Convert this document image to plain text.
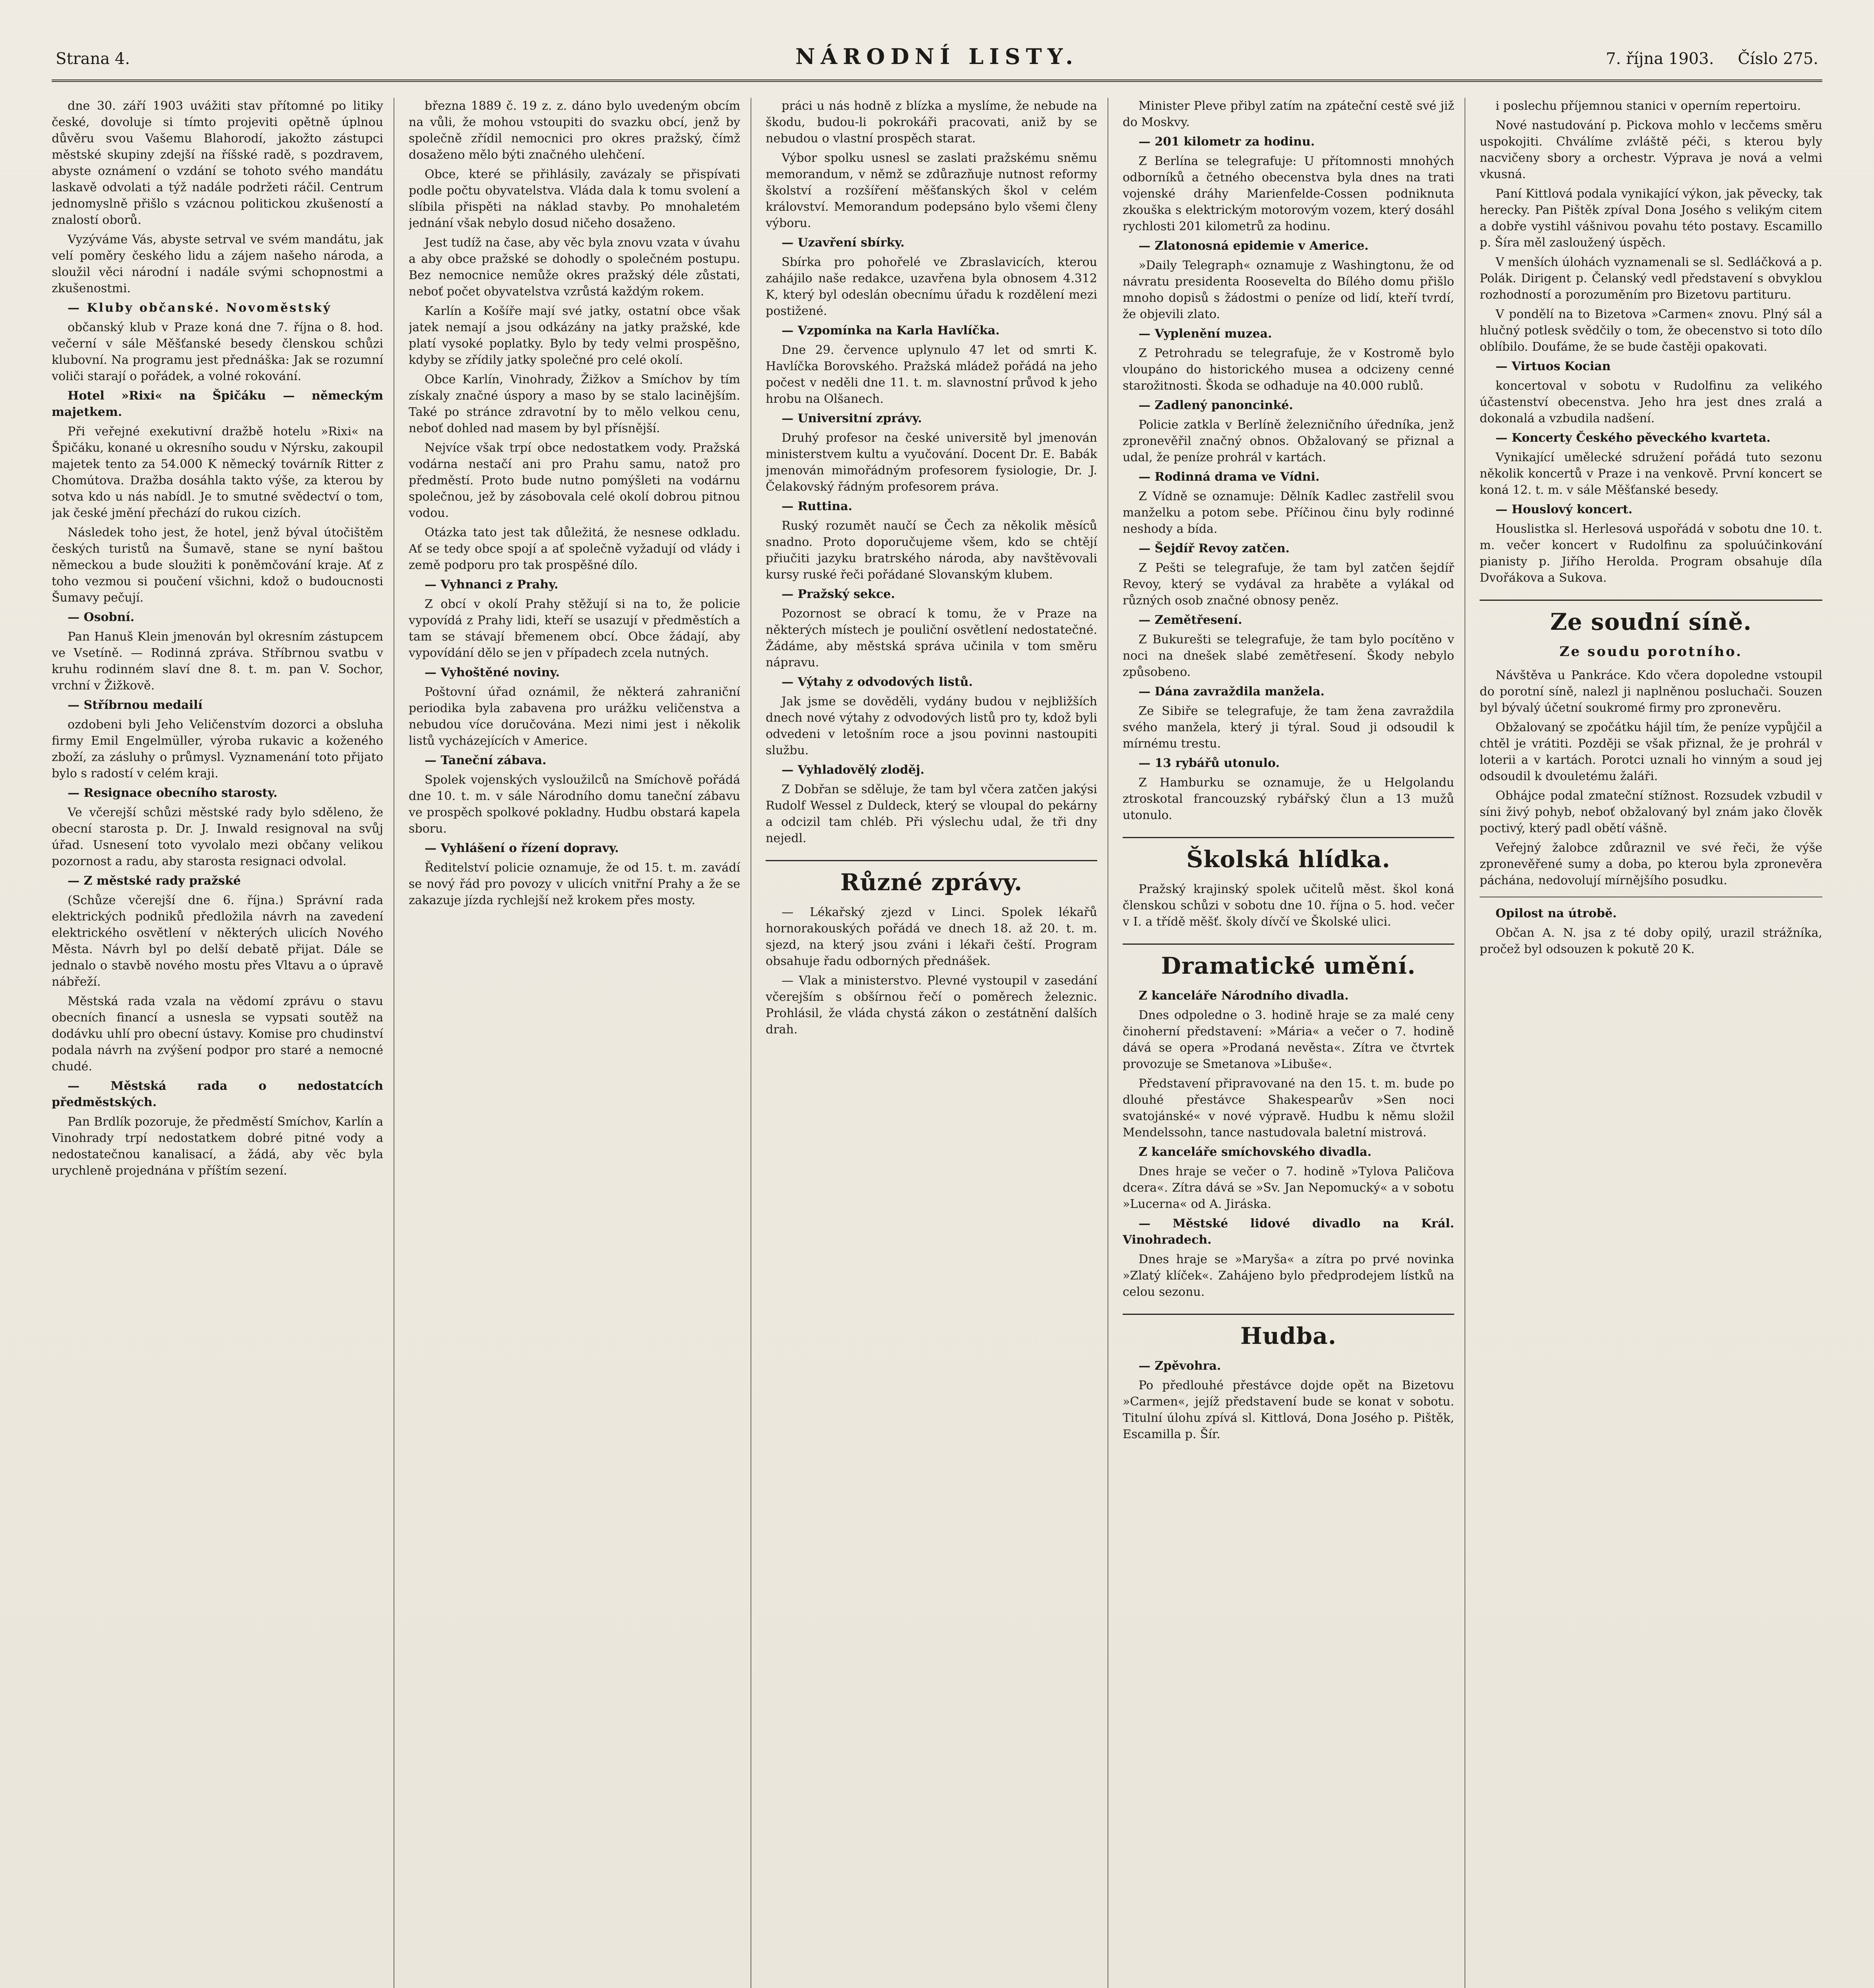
Strana 4.	NÁRODNÍ LISTY.	7. října 1903. Číslo 275.

dne 30. září 1903 uvážiti stav přítomné po litiky české, dovoluje si tímto projeviti opětně úplnou důvěru svou Vašemu Blahorodí, jakožto zástupci městské skupiny zdejší na říšské radě, s pozdravem, abyste oznámení o vzdání se tohoto svého mandátu laskavě odvolati a týž nadále podržeti ráčil. Centrum jednomyslně přišlo s vzácnou politickou zkušeností a znalostí oborů.

Vyzýváme Vás, abyste setrval ve svém mandátu, jak velí poměry českého lidu a zájem našeho národa, a sloužil věci národní i nadále svými schopnostmi a zkušenostmi.

— Kluby občanské. Novoměstský

občanský klub v Praze koná dne 7. října o 8. hod. večerní v sále Měšťanské besedy členskou schůzi klubovní. Na programu jest přednáška: Jak se rozumní voliči starají o pořádek, a volné rokování.

Hotel »Rixi« na Špičáku — německým majetkem.

Při veřejné exekutivní dražbě hotelu »Rixi« na Špičáku, konané u okresního soudu v Nýrsku, zakoupil majetek tento za 54.000 K německý továrník Ritter z Chomútova. Dražba dosáhla takto výše, za kterou by sotva kdo u nás nabídl. Je to smutné svědectví o tom, jak české jmění přechází do rukou cizích.

Následek toho jest, že hotel, jenž býval útočištěm českých turistů na Šumavě, stane se nyní baštou německou a bude sloužiti k poněmčování kraje. Ať z toho vezmou si poučení všichni, kdož o budoucnosti Šumavy pečují.

— Osobní.

Pan Hanuš Klein jmenován byl okresním zástupcem ve Vsetíně. — Rodinná zpráva. Stříbrnou svatbu v kruhu rodinném slaví dne 8. t. m. pan V. Sochor, vrchní v Žižkově.

— Stříbrnou medailí

ozdobeni byli Jeho Veličenstvím dozorci a obsluha firmy Emil Engelmüller, výroba rukavic a koženého zboží, za zásluhy o průmysl. Vyznamenání toto přijato bylo s radostí v celém kraji.

— Resignace obecního starosty.

Ve včerejší schůzi městské rady bylo sděleno, že obecní starosta p. Dr. J. Inwald resignoval na svůj úřad. Usnesení toto vyvolalo mezi občany velikou pozornost a radu, aby starosta resignaci odvolal.

— Z městské rady pražské

(Schůze včerejší dne 6. října.) Správní rada elektrických podniků předložila návrh na zavedení elektrického osvětlení v některých ulicích Nového Města. Návrh byl po delší debatě přijat. Dále se jednalo o stavbě nového mostu přes Vltavu a o úpravě nábřeží.

Městská rada vzala na vědomí zprávu o stavu obecních financí a usnesla se vypsati soutěž na dodávku uhlí pro obecní ústavy. Komise pro chudinství podala návrh na zvýšení podpor pro staré a nemocné chudé.

— Městská rada o nedostatcích předměstských.

Pan Brdlík pozoruje, že předměstí Smíchov, Karlín a Vinohrady trpí nedostatkem dobré pitné vody a nedostatečnou kanalisací, a žádá, aby věc byla urychleně projednána v příštím sezení.

března 1889 č. 19 z. z. dáno bylo uvedeným obcím na vůli, že mohou vstoupiti do svazku obcí, jenž by společně zřídil nemocnici pro okres pražský, čímž dosaženo mělo býti značného ulehčení.

Obce, které se přihlásily, zavázaly se přispívati podle počtu obyvatelstva. Vláda dala k tomu svolení a slíbila přispěti na náklad stavby. Po mnohaletém jednání však nebylo dosud ničeho dosaženo.

Jest tudíž na čase, aby věc byla znovu vzata v úvahu a aby obce pražské se dohodly o společném postupu. Bez nemocnice nemůže okres pražský déle zůstati, neboť počet obyvatelstva vzrůstá každým rokem.

Karlín a Košíře mají své jatky, ostatní obce však jatek nemají a jsou odkázány na jatky pražské, kde platí vysoké poplatky. Bylo by tedy velmi prospěšno, kdyby se zřídily jatky společné pro celé okolí.

Obce Karlín, Vinohrady, Žižkov a Smíchov by tím získaly značné úspory a maso by se stalo lacinějším. Také po stránce zdravotní by to mělo velkou cenu, neboť dohled nad masem by byl přísnější.

Nejvíce však trpí obce nedostatkem vody. Pražská vodárna nestačí ani pro Prahu samu, natož pro předměstí. Proto bude nutno pomýšleti na vodárnu společnou, jež by zásobovala celé okolí dobrou pitnou vodou.

Otázka tato jest tak důležitá, že nesnese odkladu. Ať se tedy obce spojí a ať společně vyžadují od vlády i země podporu pro tak prospěšné dílo.

— Vyhnanci z Prahy.

Z obcí v okolí Prahy stěžují si na to, že policie vypovídá z Prahy lidi, kteří se usazují v předměstích a tam se stávají břemenem obcí. Obce žádají, aby vypovídání dělo se jen v případech zcela nutných.

— Vyhoštěné noviny.

Poštovní úřad oznámil, že některá zahraniční periodika byla zabavena pro urážku veličenstva a nebudou více doručována. Mezi nimi jest i několik listů vycházejících v Americe.

— Taneční zábava.

Spolek vojenských vysloužilců na Smíchově pořádá dne 10. t. m. v sále Národního domu taneční zábavu ve prospěch spolkové pokladny. Hudbu obstará kapela sboru.

— Vyhlášení o řízení dopravy.

Ředitelství policie oznamuje, že od 15. t. m. zavádí se nový řád pro povozy v ulicích vnitřní Prahy a že se zakazuje jízda rychlejší než krokem přes mosty.

práci u nás hodně z blízka a myslíme, že nebude na škodu, budou-li pokrokáři pracovati, aniž by se nebudou o vlastní prospěch starat.

Výbor spolku usnesl se zaslati pražskému sněmu memorandum, v němž se zdůrazňuje nutnost reformy školství a rozšíření měšťanských škol v celém království. Memorandum podepsáno bylo všemi členy výboru.

— Uzavření sbírky.

Sbírka pro pohořelé ve Zbraslavicích, kterou zahájilo naše redakce, uzavřena byla obnosem 4.312 K, který byl odeslán obecnímu úřadu k rozdělení mezi postižené.

— Vzpomínka na Karla Havlíčka.

Dne 29. července uplynulo 47 let od smrti K. Havlíčka Borovského. Pražská mládež pořádá na jeho počest v neděli dne 11. t. m. slavnostní průvod k jeho hrobu na Olšanech.

— Universitní zprávy.

Druhý profesor na české universitě byl jmenován ministerstvem kultu a vyučování. Docent Dr. E. Babák jmenován mimořádným profesorem fysiologie, Dr. J. Čelakovský řádným profesorem práva.

— Ruttina.

Ruský rozumět naučí se Čech za několik měsíců snadno. Proto doporučujeme všem, kdo se chtějí přiučiti jazyku bratrského národa, aby navštěvovali kursy ruské řeči pořádané Slovanským klubem.

— Pražský sekce.

Pozornost se obrací k tomu, že v Praze na některých místech je pouliční osvětlení nedostatečné. Žádáme, aby městská správa učinila v tom směru nápravu.

— Výtahy z odvodových listů.

Jak jsme se dověděli, vydány budou v nejbližších dnech nové výtahy z odvodových listů pro ty, kdož byli odvedeni v letošním roce a jsou povinni nastoupiti službu.

— Vyhladovělý zloděj.

Z Dobřan se sděluje, že tam byl včera zatčen jakýsi Rudolf Wessel z Duldeck, který se vloupal do pekárny a odcizil tam chléb. Při výslechu udal, že tři dny nejedl.

Různé zprávy.

— Lékařský zjezd v Linci. Spolek lékařů hornorakouských pořádá ve dnech 18. až 20. t. m. sjezd, na který jsou zváni i lékaři čeští. Program obsahuje řadu odborných přednášek.

— Vlak a ministerstvo. Plevné vystoupil v zasedání včerejším s obšírnou řečí o poměrech železnic. Prohlásil, že vláda chystá zákon o zestátnění dalších drah.

Minister Pleve přibyl zatím na zpáteční cestě své již do Moskvy.

— 201 kilometr za hodinu.

Z Berlína se telegrafuje: U přítomnosti mnohých odborníků a četného obecenstva byla dnes na trati vojenské dráhy Marienfelde-Cossen podniknuta zkouška s elektrickým motorovým vozem, který dosáhl rychlosti 201 kilometrů za hodinu.

— Zlatonosná epidemie v Americe.

»Daily Telegraph« oznamuje z Washingtonu, že od návratu presidenta Roosevelta do Bílého domu přišlo mnoho dopisů s žádostmi o peníze od lidí, kteří tvrdí, že objevili zlato.

— Vyplenění muzea.

Z Petrohradu se telegrafuje, že v Kostromě bylo vloupáno do historického musea a odcizeny cenné starožitnosti. Škoda se odhaduje na 40.000 rublů.

— Zadlený panoncinké.

Policie zatkla v Berlíně železničního úředníka, jenž zpronevěřil značný obnos. Obžalovaný se přiznal a udal, že peníze prohrál v kartách.

— Rodinná drama ve Vídni.

Z Vídně se oznamuje: Dělník Kadlec zastřelil svou manželku a potom sebe. Příčinou činu byly rodinné neshody a bída.

— Šejdíř Revoy zatčen.

Z Pešti se telegrafuje, že tam byl zatčen šejdíř Revoy, který se vydával za hraběte a vylákal od různých osob značné obnosy peněz.

— Zemětřesení.

Z Bukurešti se telegrafuje, že tam bylo pocítěno v noci na dnešek slabé zemětřesení. Škody nebylo způsobeno.

— Dána zavraždila manžela.

Ze Sibiře se telegrafuje, že tam žena zavraždila svého manžela, který ji týral. Soud ji odsoudil k mírnému trestu.

— 13 rybářů utonulo.

Z Hamburku se oznamuje, že u Helgolandu ztroskotal francouzský rybářský člun a 13 mužů utonulo.

Školská hlídka.

Pražský krajinský spolek učitelů měst. škol koná členskou schůzi v sobotu dne 10. října o 5. hod. večer v I. a třídě měšť. školy dívčí ve Školské ulici.

Dramatické umění.

Z kanceláře Národního divadla.

Dnes odpoledne o 3. hodině hraje se za malé ceny činoherní představení: »Mária« a večer o 7. hodině dává se opera »Prodaná nevěsta«. Zítra ve čtvrtek provozuje se Smetanova »Libuše«.

Představení připravované na den 15. t. m. bude po dlouhé přestávce Shakespearův »Sen noci svatojánské« v nové výpravě. Hudbu k němu složil Mendelssohn, tance nastudovala baletní mistrová.

Z kanceláře smíchovského divadla.

Dnes hraje se večer o 7. hodině »Tylova Paličova dcera«. Zítra dává se »Sv. Jan Nepomucký« a v sobotu »Lucerna« od A. Jiráska.

— Městské lidové divadlo na Král. Vinohradech.

Dnes hraje se »Maryša« a zítra po prvé novinka »Zlatý klíček«. Zahájeno bylo předprodejem lístků na celou sezonu.

Hudba.

— Zpěvohra.

Po předlouhé přestávce dojde opět na Bizetovu »Carmen«, jejíž představení bude se konat v sobotu. Titulní úlohu zpívá sl. Kittlová, Dona Josého p. Pištěk, Escamilla p. Šír.

i poslechu příjemnou stanici v operním repertoiru.

Nové nastudování p. Pickova mohlo v lecčems směru uspokojiti. Chválíme zvláště péči, s kterou byly nacvičeny sbory a orchestr. Výprava je nová a velmi vkusná.

Paní Kittlová podala vynikající výkon, jak pěvecky, tak herecky. Pan Pištěk zpíval Dona Josého s velikým citem a dobře vystihl vášnivou povahu této postavy. Escamillo p. Šíra měl zasloužený úspěch.

V menších úlohách vyznamenali se sl. Sedláčková a p. Polák. Dirigent p. Čelanský vedl představení s obvyklou rozhodností a porozuměním pro Bizetovu partituru.

V pondělí na to Bizetova »Carmen« znovu. Plný sál a hlučný potlesk svědčily o tom, že obecenstvo si toto dílo oblíbilo. Doufáme, že se bude častěji opakovati.

— Virtuos Kocian

koncertoval v sobotu v Rudolfinu za velikého účastenství obecenstva. Jeho hra jest dnes zralá a dokonalá a vzbudila nadšení.

— Koncerty Českého pěveckého kvarteta.

Vynikající umělecké sdružení pořádá tuto sezonu několik koncertů v Praze i na venkově. První koncert se koná 12. t. m. v sále Měšťanské besedy.

— Houslový koncert.

Houslistka sl. Herlesová uspořádá v sobotu dne 10. t. m. večer koncert v Rudolfinu za spoluúčinkování pianisty p. Jiřího Herolda. Program obsahuje díla Dvořákova a Sukova.

Ze soudní síně.
Ze soudu porotního.

Návštěva u Pankráce. Kdo včera dopoledne vstoupil do porotní síně, nalezl ji naplněnou posluchači. Souzen byl bývalý účetní soukromé firmy pro zpronevěru.

Obžalovaný se zpočátku hájil tím, že peníze vypůjčil a chtěl je vrátiti. Později se však přiznal, že je prohrál v loterii a v kartách. Porotci uznali ho vinným a soud jej odsoudil k dvouletému žaláři.

Obhájce podal zmateční stížnost. Rozsudek vzbudil v síni živý pohyb, neboť obžalovaný byl znám jako člověk poctivý, který padl obětí vášně.

Veřejný žalobce zdůraznil ve své řeči, že výše zpronevěřené sumy a doba, po kterou byla zpronevěra páchána, nedovolují mírnějšího posudku.

Opilost na útrobě.

Občan A. N. jsa z té doby opilý, urazil strážníka, pročež byl odsouzen k pokutě 20 K.
